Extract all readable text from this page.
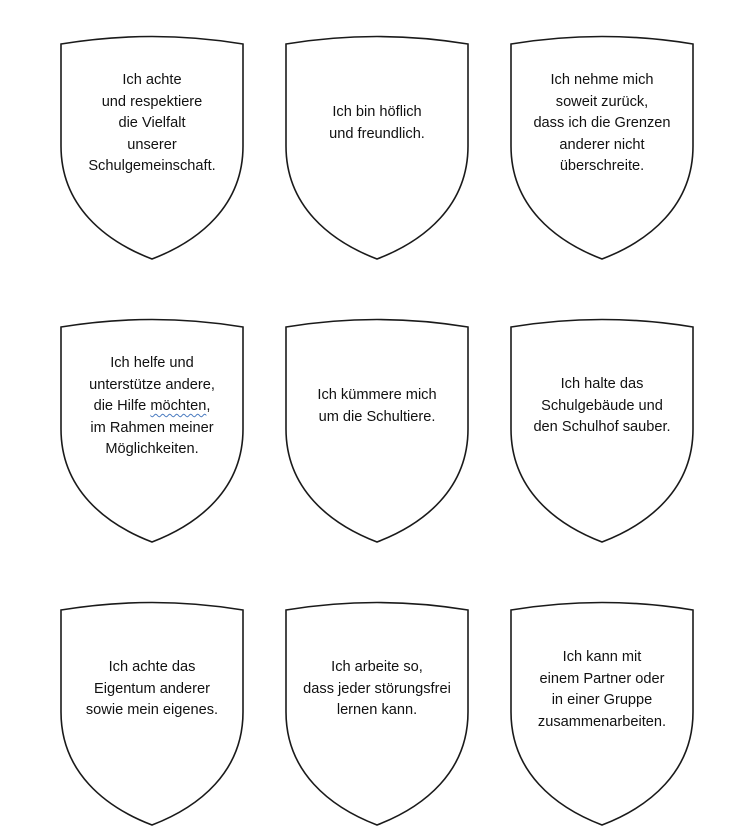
Ich achte
und respektiere
die Vielfalt
unserer
Schulgemeinschaft.
Ich bin höflich
und freundlich.
Ich nehme mich
soweit zurück,
dass ich die Grenzen
anderer nicht
überschreite.
Ich helfe und
unterstütze andere,
die Hilfe möchten,
im Rahmen meiner
Möglichkeiten.
Ich kümmere mich
um die Schultiere.
Ich halte das
Schulgebäude und
den Schulhof sauber.
Ich achte das
Eigentum anderer
sowie mein eigenes.
Ich arbeite so,
dass jeder störungsfrei
lernen kann.
Ich kann mit
einem Partner oder
in einer Gruppe
zusammenarbeiten.
